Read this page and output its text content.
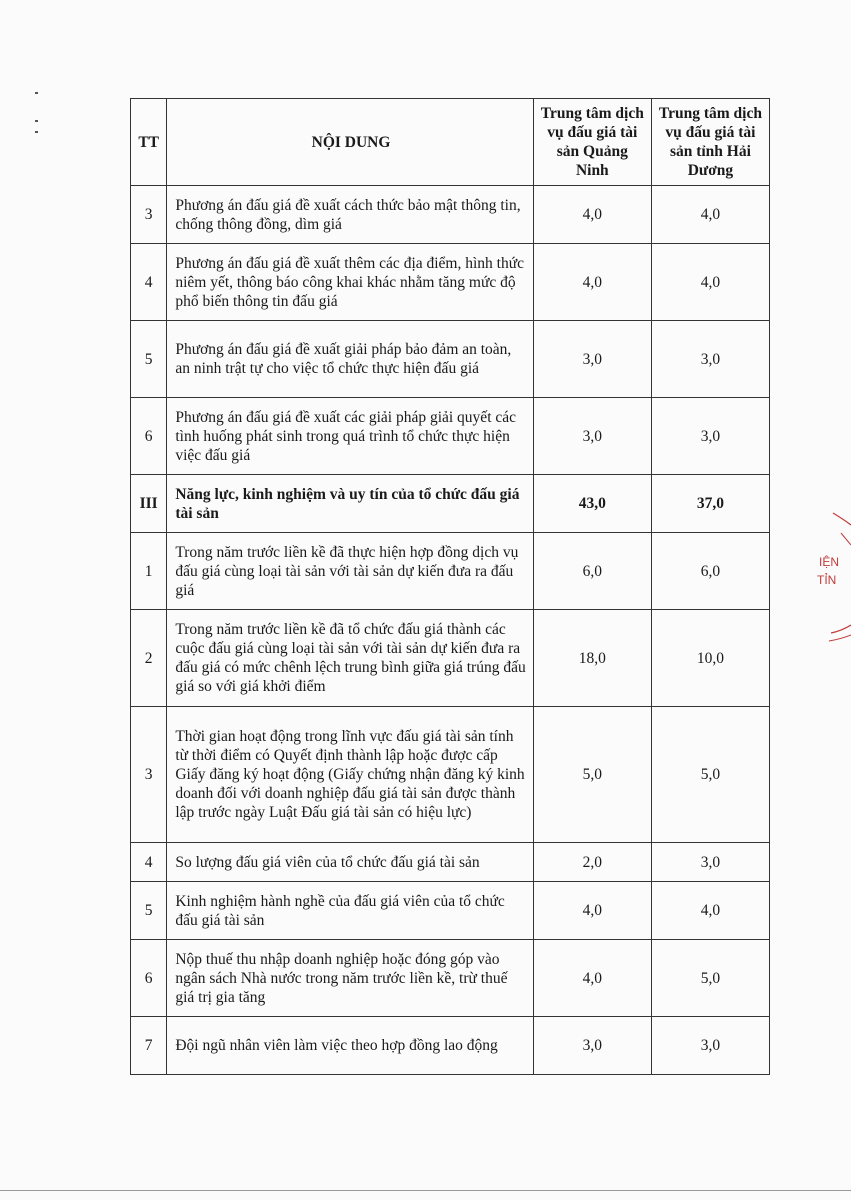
TT	NỘI DUNG	Trung tâm dịch vụ đấu giá tài sản Quảng Ninh	Trung tâm dịch vụ đấu giá tài sản tỉnh Hải Dương
3	Phương án đấu giá đề xuất cách thức bảo mật thông tin, chống thông đồng, dìm giá	4,0	4,0
4	Phương án đấu giá đề xuất thêm các địa điểm, hình thức niêm yết, thông báo công khai khác nhằm tăng mức độ phổ biến thông tin đấu giá	4,0	4,0
5	Phương án đấu giá đề xuất giải pháp bảo đảm an toàn, an ninh trật tự cho việc tổ chức thực hiện đấu giá	3,0	3,0
6	Phương án đấu giá đề xuất các giải pháp giải quyết các tình huống phát sinh trong quá trình tổ chức thực hiện việc đấu giá	3,0	3,0
III	Năng lực, kinh nghiệm và uy tín của tổ chức đấu giá tài sản	43,0	37,0
1	Trong năm trước liền kề đã thực hiện hợp đồng dịch vụ đấu giá cùng loại tài sản với tài sản dự kiến đưa ra đấu giá	6,0	6,0
2	Trong năm trước liền kề đã tổ chức đấu giá thành các cuộc đấu giá cùng loại tài sản với tài sản dự kiến đưa ra đấu giá có mức chênh lệch trung bình giữa giá trúng đấu giá so với giá khởi điểm	18,0	10,0
3	Thời gian hoạt động trong lĩnh vực đấu giá tài sản tính từ thời điểm có Quyết định thành lập hoặc được cấp Giấy đăng ký hoạt động (Giấy chứng nhận đăng ký kinh doanh đối với doanh nghiệp đấu giá tài sản được thành lập trước ngày Luật Đấu giá tài sản có hiệu lực)	5,0	5,0
4	So lượng đấu giá viên của tổ chức đấu giá tài sản	2,0	3,0
5	Kinh nghiệm hành nghề của đấu giá viên của tổ chức đấu giá tài sản	4,0	4,0
6	Nộp thuế thu nhập doanh nghiệp hoặc đóng góp vào ngân sách Nhà nước trong năm trước liền kề, trừ thuế giá trị gia tăng	4,0	5,0
7	Đội ngũ nhân viên làm việc theo hợp đồng lao động	3,0	3,0
IỆN
TỈN
